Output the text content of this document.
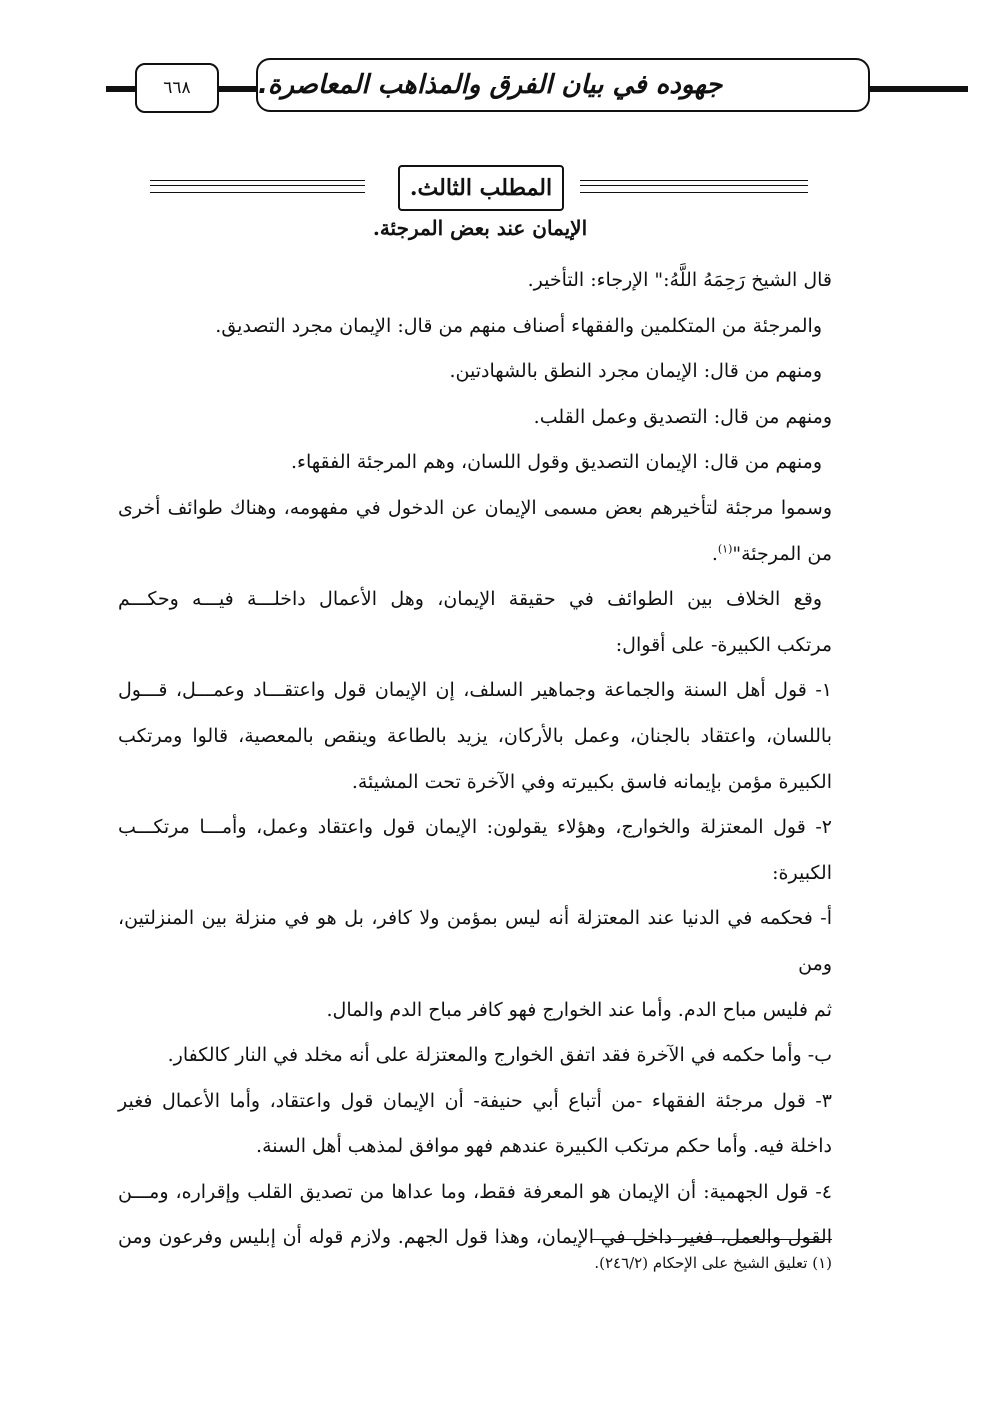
٦٦٨	جهوده في بيان الفرق والمذاهب المعاصرة.
المطلب الثالث.
الإيمان عند بعض المرجئة.

قال الشيخ رَحِمَهُ اللَّهُ:" الإرجاء: التأخير.

والمرجئة من المتكلمين والفقهاء أصناف منهم من قال: الإيمان مجرد التصديق.

ومنهم من قال: الإيمان مجرد النطق بالشهادتين.

ومنهم من قال: التصديق وعمل القلب.

ومنهم من قال: الإيمان التصديق وقول اللسان، وهم المرجئة الفقهاء.

وسموا مرجئة لتأخيرهم بعض مسمى الإيمان عن الدخول في مفهومه، وهناك طوائف أخرى

من المرجئة"$^{(١)}$.

وقع الخلاف بين الطوائف في حقيقة الإيمان، وهل الأعمال داخلـــة فيـــه وحكـــم

مرتكب الكبيرة- على أقوال:

١- قول أهل السنة والجماعة وجماهير السلف، إن الإيمان قول واعتقـــاد وعمـــل، قـــول

باللسان، واعتقاد بالجنان، وعمل بالأركان، يزيد بالطاعة وينقص بالمعصية، قالوا ومرتكب

الكبيرة مؤمن بإيمانه فاسق بكبيرته وفي الآخرة تحت المشيئة.

٢- قول المعتزلة والخوارج، وهؤلاء يقولون: الإيمان قول واعتقاد وعمل، وأمـــا مرتكـــب

الكبيرة:

أ- فحكمه في الدنيا عند المعتزلة أنه ليس بمؤمن ولا كافر، بل هو في منزلة بين المنزلتين، ومن

ثم فليس مباح الدم. وأما عند الخوارج فهو كافر مباح الدم والمال.

ب- وأما حكمه في الآخرة فقد اتفق الخوارج والمعتزلة على أنه مخلد في النار كالكفار.

٣- قول مرجئة الفقهاء -من أتباع أبي حنيفة- أن الإيمان قول واعتقاد، وأما الأعمال فغير

داخلة فيه. وأما حكم مرتكب الكبيرة عندهم فهو موافق لمذهب أهل السنة.

٤- قول الجهمية: أن الإيمان هو المعرفة فقط، وما عداها من تصديق القلب وإقراره، ومـــن

القول والعمل، فغير داخل في الإيمان، وهذا قول الجهم. ولازم قوله أن إبليس وفرعون ومن

(١) تعليق الشيخ على الإحكام (٢٤٦/٢).
